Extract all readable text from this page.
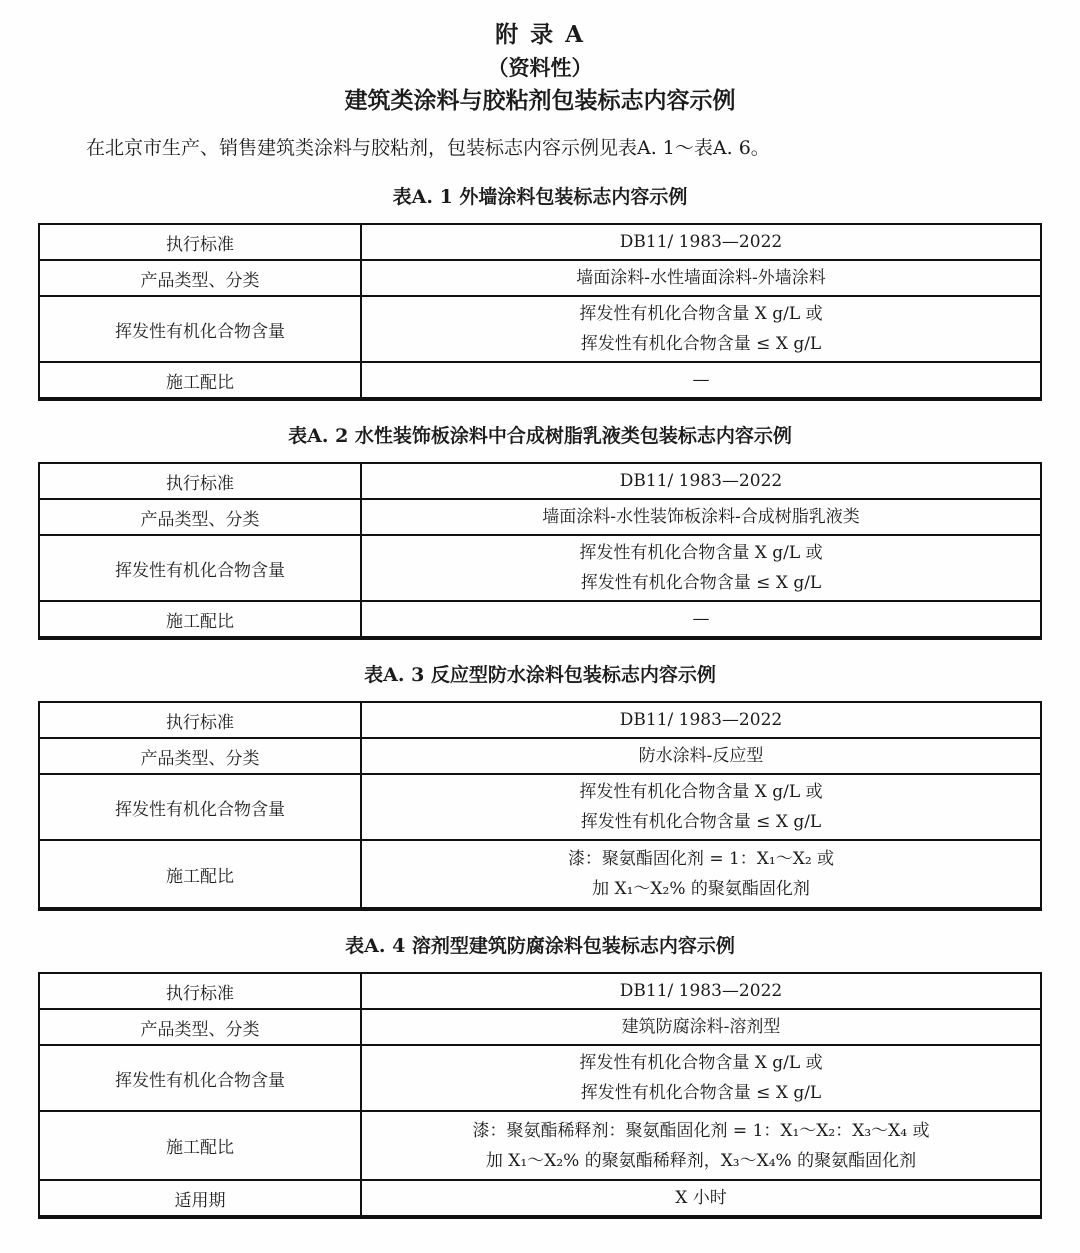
附 录 A
（资料性）
建筑类涂料与胶粘剂包装标志内容示例

在北京市生产、销售建筑类涂料与胶粘剂，包装标志内容示例见表A. 1～表A. 6。

表A. 1 外墙涂料包装标志内容示例
执行标准	DB11/ 1983—2022

产品类型、分类	墙面涂料-水性墙面涂料-外墙涂料

挥发性有机化合物含量	挥发性有机化合物含量 X g/L 或
挥发性有机化合物含量 ≤ X g/L

施工配比	—
表A. 2 水性装饰板涂料中合成树脂乳液类包装标志内容示例
执行标准	DB11/ 1983—2022

产品类型、分类	墙面涂料-水性装饰板涂料-合成树脂乳液类

挥发性有机化合物含量	挥发性有机化合物含量 X g/L 或
挥发性有机化合物含量 ≤ X g/L

施工配比	—
表A. 3 反应型防水涂料包装标志内容示例
执行标准	DB11/ 1983—2022

产品类型、分类	防水涂料-反应型

挥发性有机化合物含量	挥发性有机化合物含量 X g/L 或
挥发性有机化合物含量 ≤ X g/L

施工配比	漆：聚氨酯固化剂 = 1：X₁～X₂ 或
加 X₁～X₂% 的聚氨酯固化剂
表A. 4 溶剂型建筑防腐涂料包装标志内容示例
执行标准	DB11/ 1983—2022

产品类型、分类	建筑防腐涂料-溶剂型

挥发性有机化合物含量	挥发性有机化合物含量 X g/L 或
挥发性有机化合物含量 ≤ X g/L

施工配比	漆：聚氨酯稀释剂：聚氨酯固化剂 = 1：X₁～X₂：X₃～X₄ 或
加 X₁～X₂% 的聚氨酯稀释剂，X₃～X₄% 的聚氨酯固化剂

适用期	X 小时
